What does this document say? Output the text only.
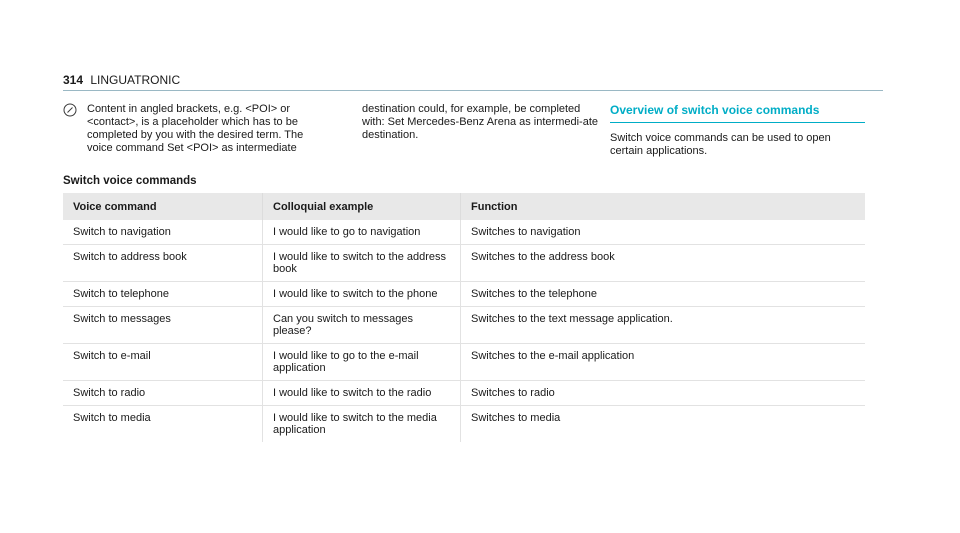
314 LINGUATRONIC
Content in angled brackets, e.g. <POI> or <contact>, is a placeholder which has to be completed by you with the desired term. The voice command Set <POI> as intermediate
destination could, for example, be completed with: Set Mercedes-Benz Arena as intermedi-ate destination.
Overview of switch voice commands
Switch voice commands can be used to open certain applications.
Switch voice commands
Voice command	Colloquial example	Function
Switch to navigation	I would like to go to navigation	Switches to navigation
Switch to address book	I would like to switch to the address book	Switches to the address book
Switch to telephone	I would like to switch to the phone	Switches to the telephone
Switch to messages	Can you switch to messages please?	Switches to the text message application.
Switch to e-mail	I would like to go to the e-mail application	Switches to the e-mail application
Switch to radio	I would like to switch to the radio	Switches to radio
Switch to media	I would like to switch to the media application	Switches to media
